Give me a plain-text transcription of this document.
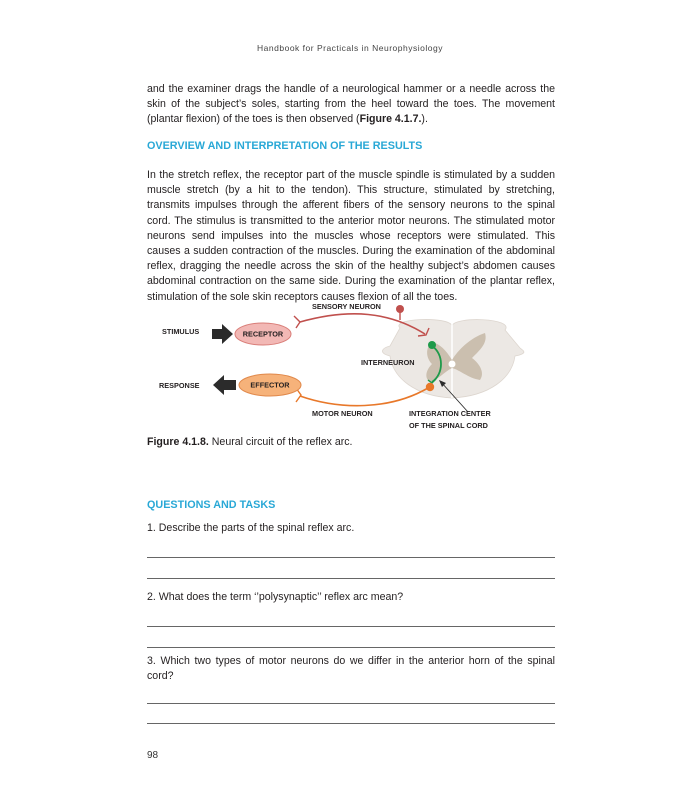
Handbook for Practicals in Neurophysiology
and the examiner drags the handle of a neurological hammer or a needle across the skin of the subject’s soles, starting from the heel toward the toes. The movement (plantar flexion) of the toes is then observed (Figure 4.1.7.).
OVERVIEW AND INTERPRETATION OF THE RESULTS
In the stretch reflex, the receptor part of the muscle spindle is stimulated by a sudden muscle stretch (by a hit to the tendon). This structure, stimulated by stretching, transmits impulses through the afferent fibers of the sensory neurons to the spinal cord. The stimulus is transmitted to the anterior motor neurons. The stimulated motor neurons send impulses into the muscles whose receptors were stimulated. This causes a sudden contraction of the muscles. During the examination of the abdominal reflex, dragging the needle across the skin of the healthy subject’s abdomen causes abdominal contraction on the same side. During the examination of the plantar reflex, stimulation of the sole skin receptors causes flexion of all the toes.
RECEPTOR
EFFECTOR
STIMULUS
RESPONSE
SENSORY NEURON
INTERNEURON
MOTOR NEURON	INTEGRATION CENTER
OF THE SPINAL CORD
Figure 4.1.8. Neural circuit of the reflex arc.
QUESTIONS AND TASKS
1. Describe the parts of the spinal reflex arc.
2. What does the term ‘’polysynaptic’’ reflex arc mean?
3. Which two types of motor neurons do we differ in the anterior horn of the spinal cord?
98
